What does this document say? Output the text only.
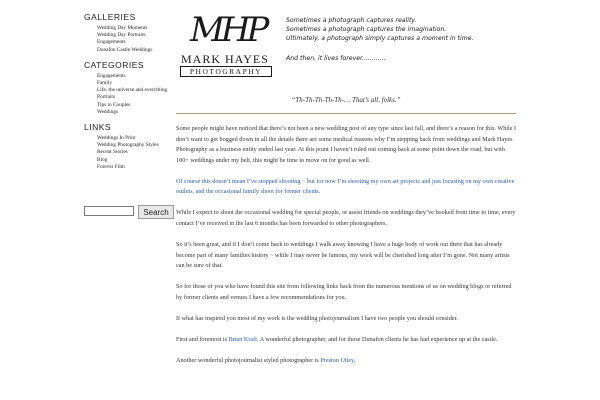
GALLERIES
Wedding Day Moments
Wedding Day Portraits
Engagements
Dunafon Castle Weddings
CATEGORIES
Engagements
Family
Life, the universe and everything
Portraits
Tips to Couples
Weddings
LINKS
Weddings In Print
Wedding Photography Styles
Recent Stories
Blog
Forever Film
Search
MHP
MARK HAYES
PHOTOGRAPHY
Sometimes a photograph captures reality.
Sometimes a photograph captures the imagination.
Ultimately, a photograph simply captures a moment in time.
And then, it lives forever............
“Th-Th-Th-Th-Th-… That’s all, folks.”

Some people might have noticed that there’s not been a new wedding post of any type since last fall, and there’s a reason for this. While I don’t want to get bogged down in all the details there are some medical reasons why I’m stepping back from weddings and Mark Hayes Photography as a business entity ended last year. At this point I haven’t ruled out coming back at some point down the road, but with 100+ weddings under my belt, this might be time to move on for good as well.

Of course this doesn’t mean I’ve stopped shooting ~ but for now I’m shooting my own art projects and just focusing on my own creative outlets, and the occasional family shoot for former clients.

While I expect to shoot the occasional wedding for special people, or assist friends on weddings they’ve booked from time to time, every contact I’ve received in the last 6 months has been forwarded to other photographers.

So it’s been great, and if I don’t come back to weddings I walk away knowing I have a huge body of work out there that has already become part of many families history ~ while I may never be famous, my work will be cherished long after I’m gone. Not many artists can be sure of that.

So for those of you who have found this site from following links back from the numerous mentions of us on wedding blogs or referred by former clients and venues I have a few recommendations for you.

If what has inspired you most of my work is the wedding photojournalism I have two people you should consider.

First and foremost is Brian Kraft. A wonderful photographer, and for those Dunafon clients he has had experience up at the castle.

Another wonderful photojournalist styled photographer is Preston Utley.
